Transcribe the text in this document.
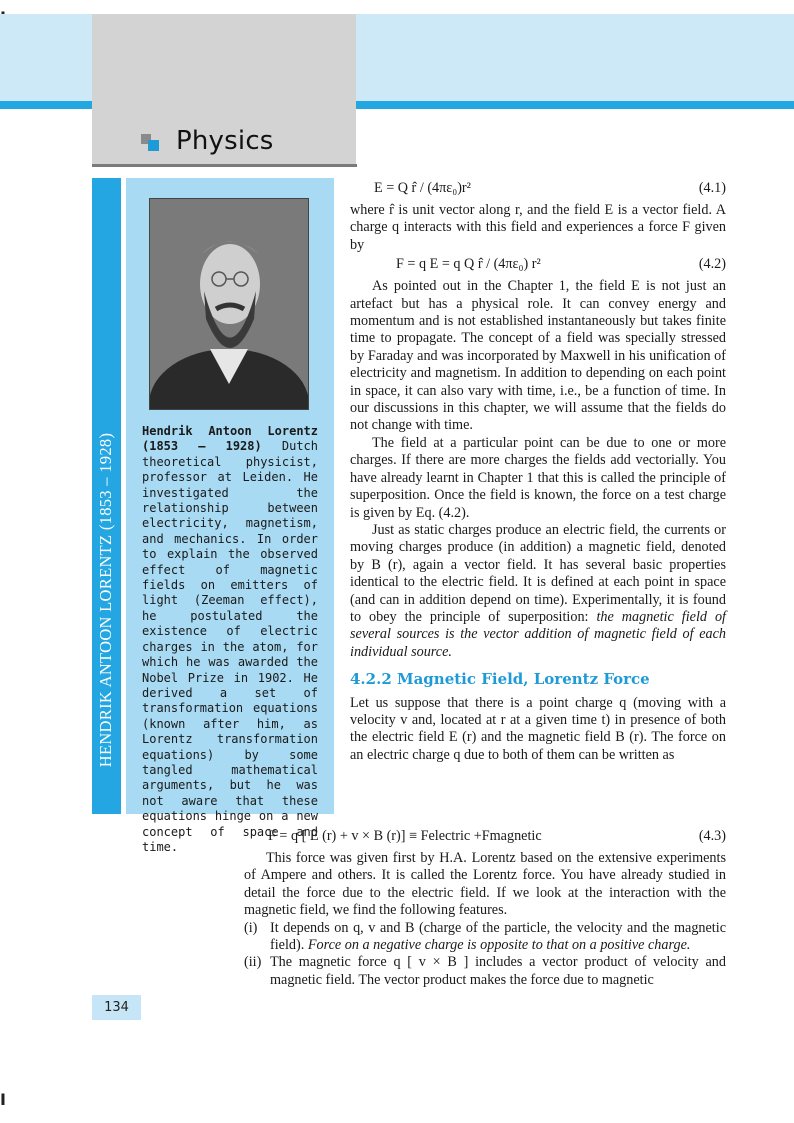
I
Physics
HENDRIK ANTOON LORENTZ (1853 – 1928)
Hendrik Antoon Lorentz (1853 – 1928) Dutch theoretical physicist, professor at Leiden. He investigated the relationship between electricity, magnetism, and mechanics. In order to explain the observed effect of magnetic fields on emitters of light (Zeeman effect), he postulated the existence of electric charges in the atom, for which he was awarded the Nobel Prize in 1902. He derived a set of transformation equations (known after him, as Lorentz transformation equations) by some tangled mathematical arguments, but he was not aware that these equations hinge on a new concept of space and time.
E = Q r̂ / (4πε₀)r²	(4.1)

where r̂ is unit vector along r, and the field E is a vector field. A charge q interacts with this field and experiences a force F given by

F = q E = q Q r̂ / (4πε₀) r²	(4.2)

As pointed out in the Chapter 1, the field E is not just an artefact but has a physical role. It can convey energy and momentum and is not established instantaneously but takes finite time to propagate. The concept of a field was specially stressed by Faraday and was incorporated by Maxwell in his unification of electricity and magnetism. In addition to depending on each point in space, it can also vary with time, i.e., be a function of time. In our discussions in this chapter, we will assume that the fields do not change with time.

The field at a particular point can be due to one or more charges. If there are more charges the fields add vectorially. You have already learnt in Chapter 1 that this is called the principle of superposition. Once the field is known, the force on a test charge is given by Eq. (4.2).

Just as static charges produce an electric field, the currents or moving charges produce (in addition) a magnetic field, denoted by B (r), again a vector field. It has several basic properties identical to the electric field. It is defined at each point in space (and can in addition depend on time). Experimentally, it is found to obey the principle of superposition: the magnetic field of several sources is the vector addition of magnetic field of each individual source.

4.2.2 Magnetic Field, Lorentz Force

Let us suppose that there is a point charge q (moving with a velocity v and, located at r at a given time t) in presence of both the electric field E (r) and the magnetic field B (r). The force on an electric charge q due to both of them can be written as

F = q [ E (r) + v × B (r)] ≡ Felectric +Fmagnetic	(4.3)

This force was given first by H.A. Lorentz based on the extensive experiments of Ampere and others. It is called the Lorentz force. You have already studied in detail the force due to the electric field. If we look at the interaction with the magnetic field, we find the following features.

(i) It depends on q, v and B (charge of the particle, the velocity and the magnetic field). Force on a negative charge is opposite to that on a positive charge.
(ii) The magnetic force q [ v × B ] includes a vector product of velocity and magnetic field. The vector product makes the force due to magnetic
134
